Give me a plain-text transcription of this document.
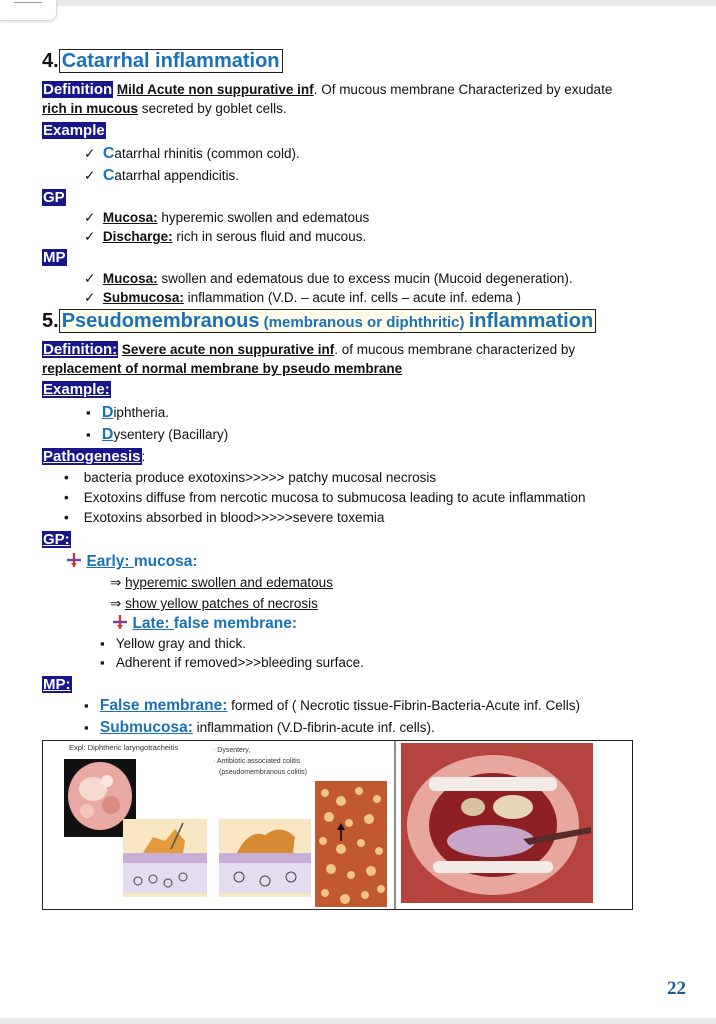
4. Catarrhal inflammation
Definition Mild Acute non suppurative inf. Of mucous membrane Characterized by exudate
rich in mucous secreted by goblet cells.
Example
✓ Catarrhal rhinitis (common cold).
✓ Catarrhal appendicitis.
GP
✓ Mucosa: hyperemic swollen and edematous
✓ Discharge: rich in serous fluid and mucous.
MP
✓ Mucosa: swollen and edematous due to excess mucin (Mucoid degeneration).
✓ Submucosa: inflammation (V.D. – acute inf. cells – acute inf. edema )
5. Pseudomembranous (membranous or diphthritic) inflammation
Definition: Severe acute non suppurative inf. of mucous membrane characterized by
replacement of normal membrane by pseudo membrane
Example:
▪ Diphtheria.
▪ Dysentery (Bacillary)
Pathogenesis:
• bacteria produce exotoxins>>>>> patchy mucosal necrosis
• Exotoxins diffuse from nercotic mucosa to submucosa leading to acute inflammation
• Exotoxins absorbed in blood>>>>>severe toxemia
GP:
Early: mucosa:
⇒ hyperemic swollen and edematous
⇒ show yellow patches of necrosis
Late: false membrane:
▪ Yellow gray and thick.
▪ Adherent if removed>>>bleeding surface.
MP:
▪ False membrane: formed of ( Necrotic tissue-Fibrin-Bacteria-Acute inf. Cells)
▪ Submucosa: inflammation (V.D-fibrin-acute inf. cells).
Expl: Diphtheric laryngotracheitis	· Dysentery,
· Antibiotic associated colitis
(pseudomembranous colitis)
22
